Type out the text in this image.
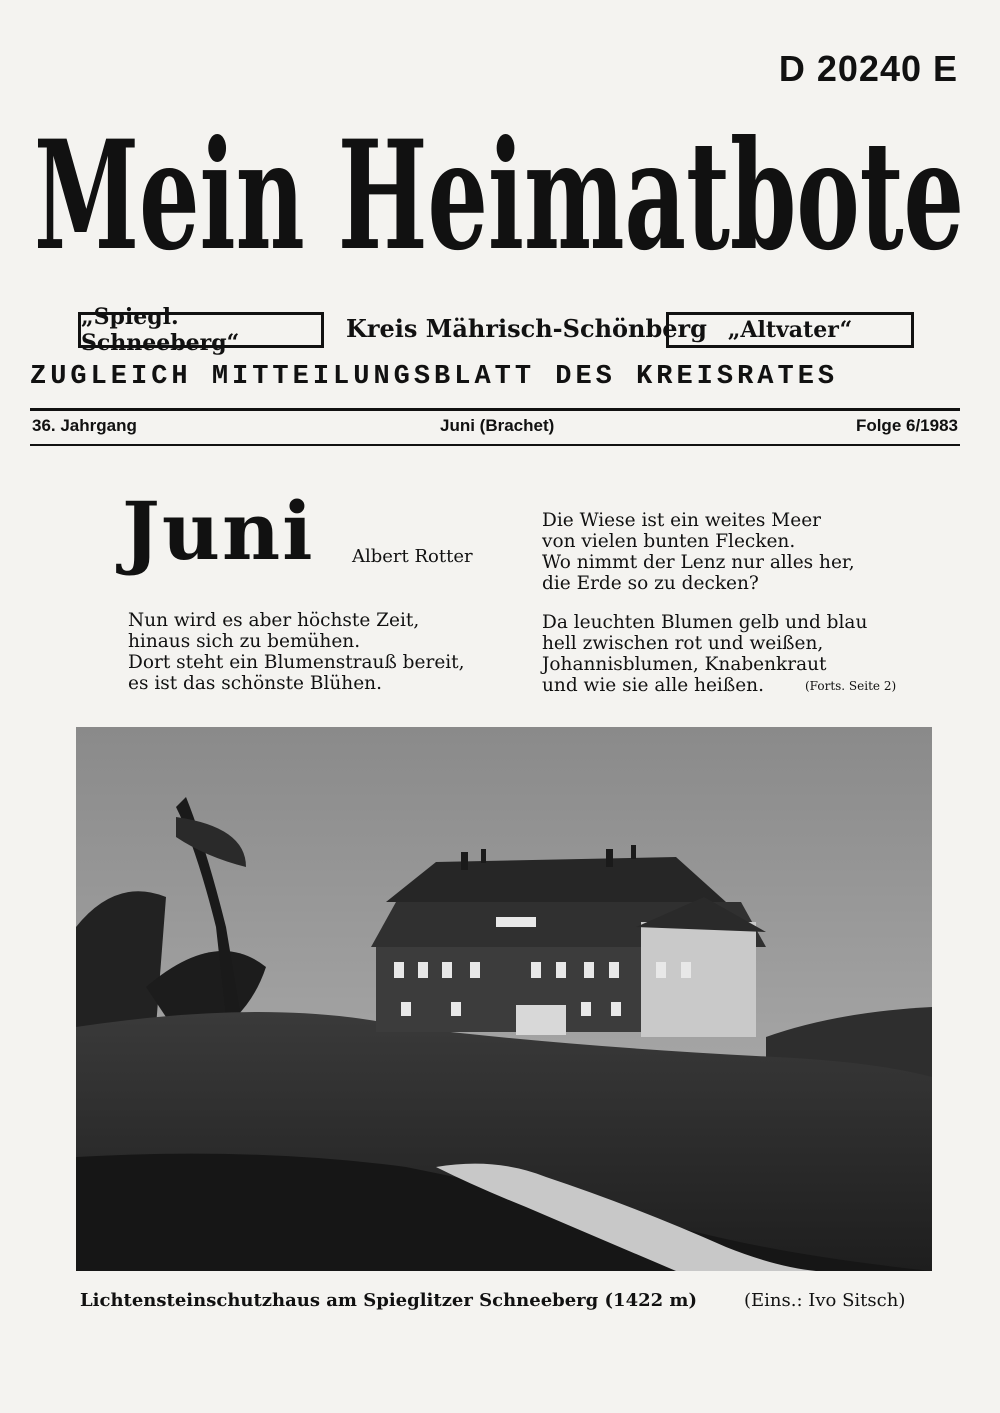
D 20240 E
Mein Heimatbote
„Spiegl. Schneeberg“	Kreis Mährisch-Schönberg „Altvater“
ZUGLEICH MITTEILUNGSBLATT DES KREISRATES
36. Jahrgang	Juni (Brachet)	Folge 6/1983
Juni Albert Rotter
Nun wird es aber höchste Zeit,
hinaus sich zu bemühen.
Dort steht ein Blumenstrauß bereit,
es ist das schönste Blühen.
Die Wiese ist ein weites Meer
von vielen bunten Flecken.
Wo nimmt der Lenz nur alles her,
die Erde so zu decken?
Da leuchten Blumen gelb und blau
hell zwischen rot und weißen,
Johannisblumen, Knabenkraut
und wie sie alle heißen.	(Forts. Seite 2)
Lichtensteinschutzhaus am Spieglitzer Schneeberg (1422 m)	(Eins.: Ivo Sitsch)
